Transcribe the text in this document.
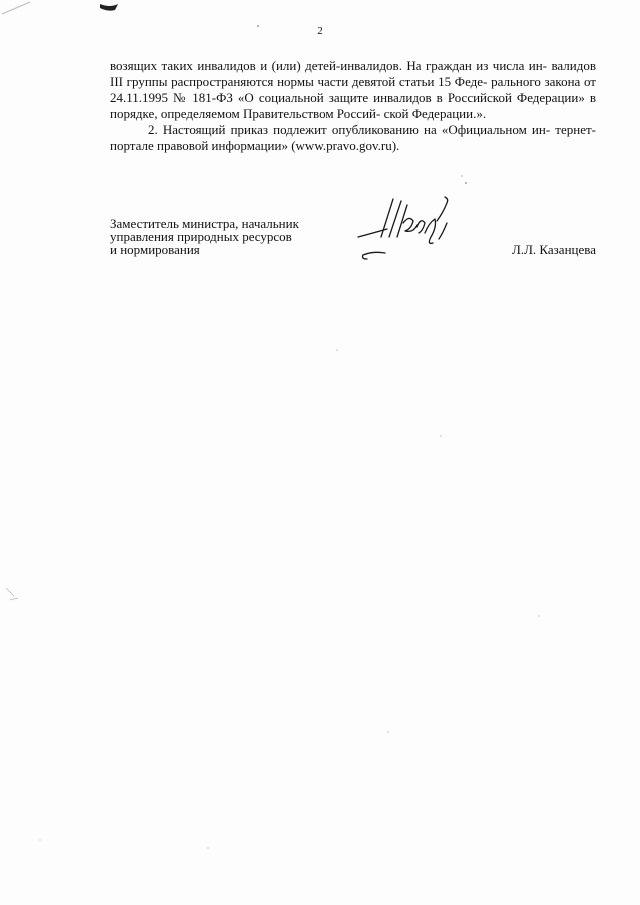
2

возящих таких инвалидов и (или) детей-инвалидов. На граждан из числа ин- валидов III группы распространяются нормы части девятой статьи 15 Феде- рального закона от 24.11.1995 № 181-ФЗ «О социальной защите инвалидов в Российской Федерации» в порядке, определяемом Правительством Россий- ской Федерации.».

2. Настоящий приказ подлежит опубликованию на «Официальном ин- тернет-портале правовой информации» (www.pravo.gov.ru).

Заместитель министра, начальник
управления природных ресурсов
и нормирования	Л.Л. Казанцева
